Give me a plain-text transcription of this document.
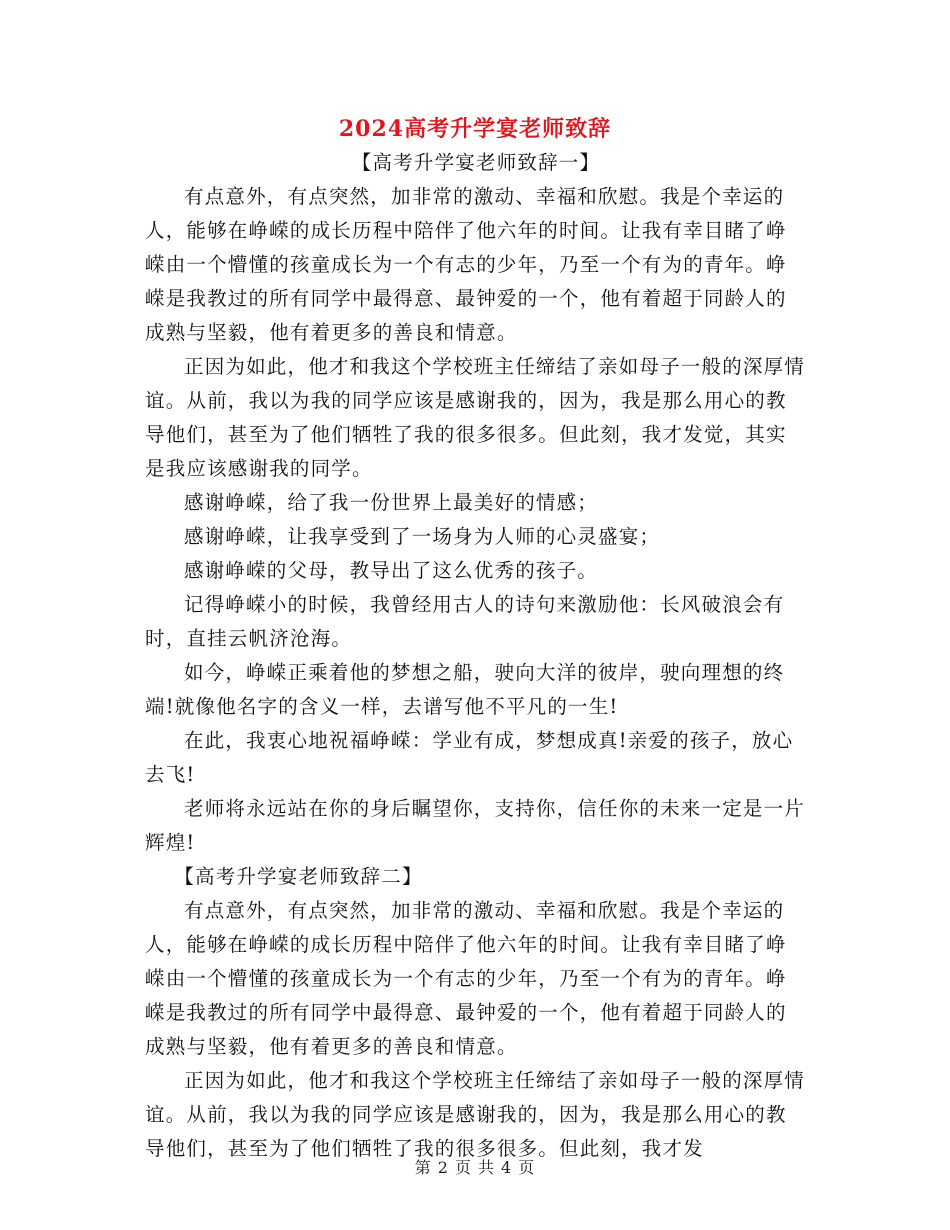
2024高考升学宴老师致辞

【高考升学宴老师致辞一】

有点意外，有点突然，加非常的激动、幸福和欣慰。我是个幸运的人，能够在峥嵘的成长历程中陪伴了他六年的时间。让我有幸目睹了峥嵘由一个懵懂的孩童成长为一个有志的少年，乃至一个有为的青年。峥嵘是我教过的所有同学中最得意、最钟爱的一个，他有着超于同龄人的成熟与坚毅，他有着更多的善良和情意。

正因为如此，他才和我这个学校班主任缔结了亲如母子一般的深厚情谊。从前，我以为我的同学应该是感谢我的，因为，我是那么用心的教导他们，甚至为了他们牺牲了我的很多很多。但此刻，我才发觉，其实是我应该感谢我的同学。

感谢峥嵘，给了我一份世界上最美好的情感；

感谢峥嵘，让我享受到了一场身为人师的心灵盛宴；

感谢峥嵘的父母，教导出了这么优秀的孩子。

记得峥嵘小的时候，我曾经用古人的诗句来激励他：长风破浪会有时，直挂云帆济沧海。

如今，峥嵘正乘着他的梦想之船，驶向大洋的彼岸，驶向理想的终端!就像他名字的含义一样，去谱写他不平凡的一生!

在此，我衷心地祝福峥嵘：学业有成，梦想成真!亲爱的孩子，放心去飞!

老师将永远站在你的身后瞩望你，支持你，信任你的未来一定是一片辉煌!

【高考升学宴老师致辞二】

有点意外，有点突然，加非常的激动、幸福和欣慰。我是个幸运的人，能够在峥嵘的成长历程中陪伴了他六年的时间。让我有幸目睹了峥嵘由一个懵懂的孩童成长为一个有志的少年，乃至一个有为的青年。峥嵘是我教过的所有同学中最得意、最钟爱的一个，他有着超于同龄人的成熟与坚毅，他有着更多的善良和情意。

正因为如此，他才和我这个学校班主任缔结了亲如母子一般的深厚情谊。从前，我以为我的同学应该是感谢我的，因为，我是那么用心的教导他们，甚至为了他们牺牲了我的很多很多。但此刻，我才发

第 2 页 共 4 页
